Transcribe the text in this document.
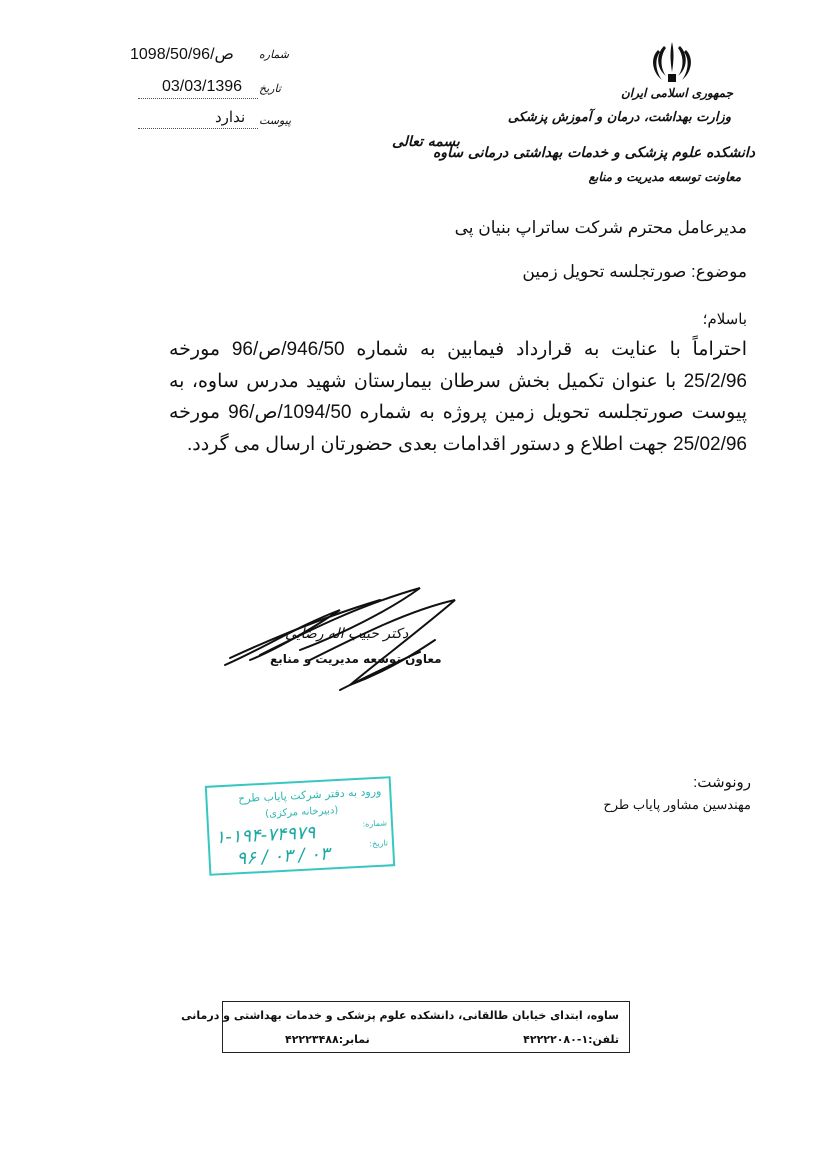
جمهوری اسلامی ایران
وزارت بهداشت، درمان و آموزش پزشکی
دانشکده علوم پزشکی و خدمات بهداشتی درمانی ساوه
معاونت توسعه مدیریت و منابع
بسمه تعالی
شماره
1098/50/ص/96
تاریخ
03/03/1396
پیوست
ندارد
مدیرعامل محترم شرکت ساتراپ بنیان پی
موضوع: صورتجلسه تحویل زمین
باسلام؛
احتراماً با عنایت به قرارداد فیمابین به شماره 946/50/ص/96 مورخه 25/2/96 با عنوان تکمیل بخش سرطان بیمارستان شهید مدرس ساوه، به پیوست صورتجلسه تحویل زمین پروژه به شماره 1094/50/ص/96 مورخه 25/02/96 جهت اطلاع و دستور اقدامات بعدی حضورتان ارسال می گردد.
دکتر حبیب اله رضایی
معاون توسعه مدیریت و منابع
رونوشت:
مهندسین مشاور پایاب طرح
ورود به دفتر شرکت پایاب طرح
(دبیرخانه مرکزی)
شماره:
تاریخ:
۱-۱۹۴-۷۴۹۷۹
۹۶ / ۰۳ / ۰۳
ساوه، ابتدای خیابان طالقانی، دانشکده علوم پزشکی و خدمات بهداشتی و درمانی
تلفن:۱-۴۲۲۲۲۰۸۰
نمابر:۴۲۲۲۳۴۸۸
